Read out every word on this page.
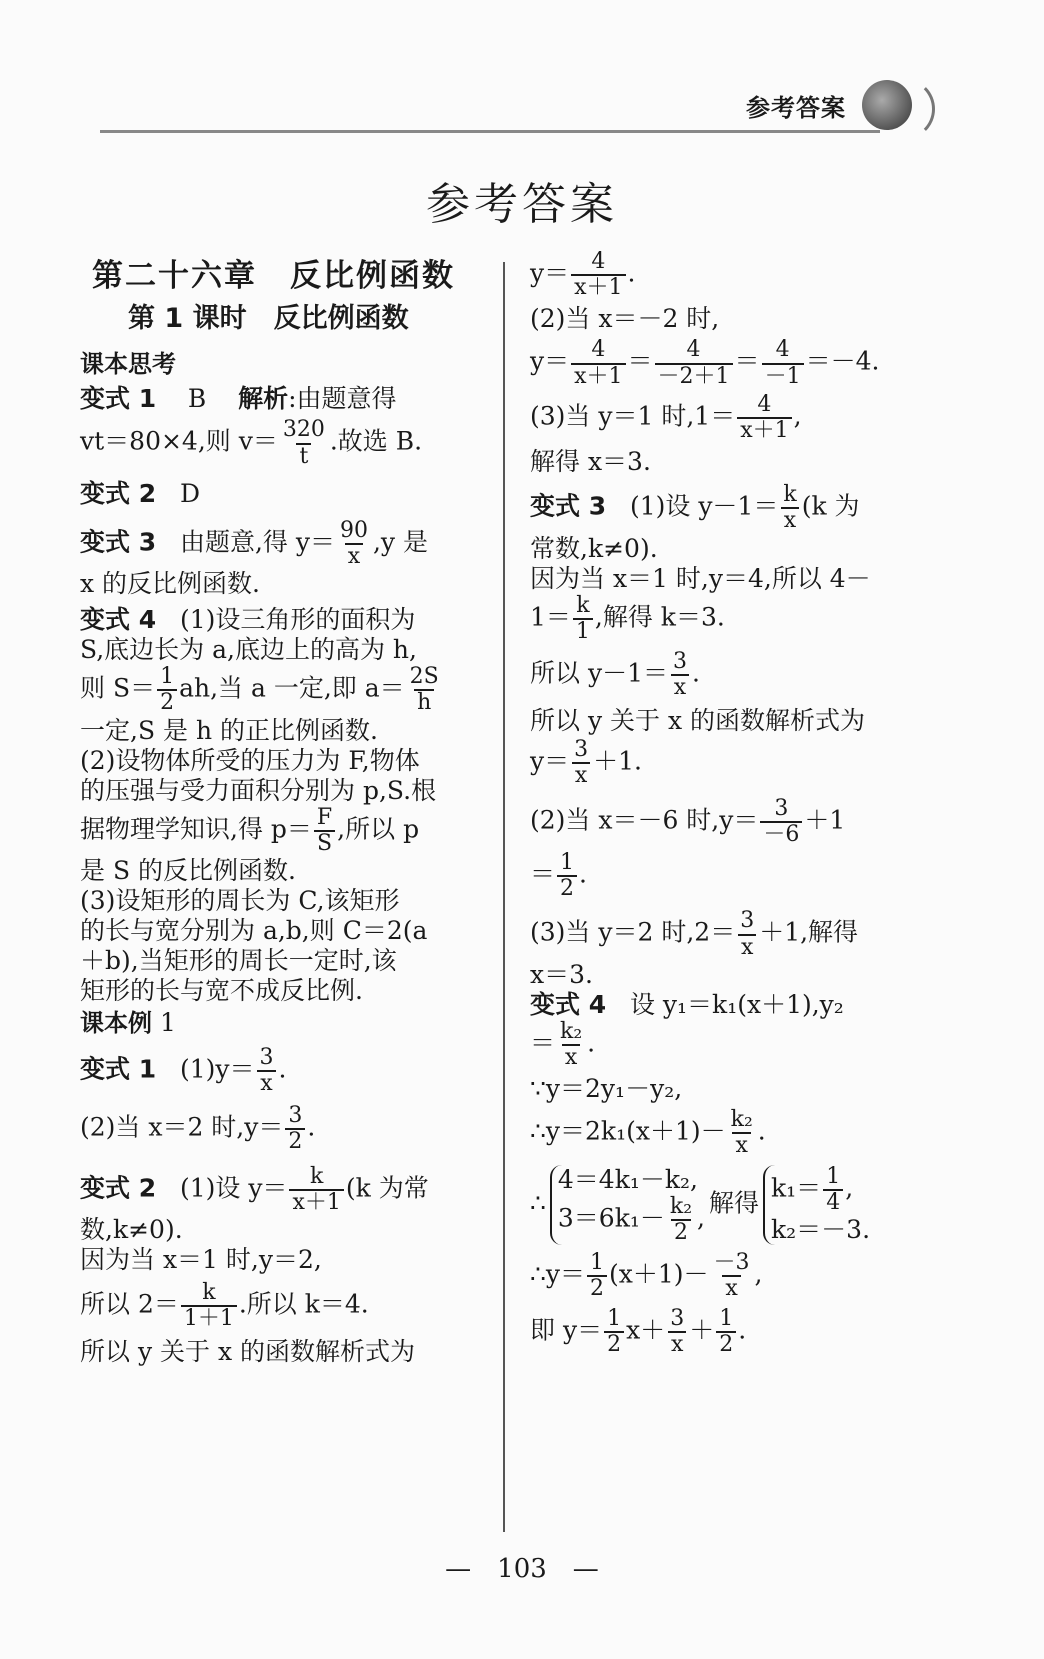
参考答案
参考答案
第二十六章　反比例函数
第 1 课时　反比例函数
课本思考
变式 1 B 解析:由题意得
vt＝80×4,则 $v= \frac{320}{t}$ .故选 B.
变式 2 D
变式 3 由题意,得 $y= \frac{90}{x} ,y$ 是
x 的反比例函数.
变式 4 (1)设三角形的面积为
S,底边长为 a,底边上的高为 h,
则 $S= \frac{1}{2}$ ah,当 a 一定,即 $a= \frac{2S}{h}$
一定,S 是 h 的正比例函数.
(2)设物体所受的压力为 F,物体
的压强与受力面积分别为 p,S.根
据物理学知识,得 $p= \frac{F}{S}$ ,所以 p
是 S 的反比例函数.
(3)设矩形的周长为 C,该矩形
的长与宽分别为 a,b,则 C＝2(a
＋b),当矩形的周长一定时,该
矩形的长与宽不成反比例.
课本例 1
变式 1 $(1)y= \frac{3}{x}$ .
(2)当 x＝2 时$,y= \frac{3}{2}$ .
变式 2 (1)设 $y= \frac{k}{x+1} (k$ 为常
数,k≠0).
因为当 x＝1 时,y＝2,
所以 $2= \frac{k}{1+1}$ .所以 k＝4.
所以 y 关于 x 的函数解析式为
$y= \frac{4}{x+1}$ .
(2)当 x＝－2 时,
$y= \frac{4}{x+1} = \frac{4}{-2+1} = \frac{4}{-1} =-4$.
(3)当 y＝1 时$,1= \frac{4}{x+1}$ ,
解得 x＝3.
变式 3 (1)设 $y-1= \frac{k}{x} (k$ 为
常数,k≠0).
因为当 x＝1 时,y＝4,所以 4－
$1= \frac{k}{1}$ ,解得 k＝3.
所以 $y-1= \frac{3}{x}$ .
所以 y 关于 x 的函数解析式为
$y= \frac{3}{x} +1$.
(2)当 x＝－6 时$,y= \frac{3}{-6} +1$
＝ $\frac{1}{2}$ .
(3)当 y＝2 时$,2= \frac{3}{x} +1$,解得
x＝3.
变式 4 设 y₁＝k₁(x＋1),y₂
＝ $\frac{\text{k₂}}{x}$ .
∵y＝2y₁－y₂,
∴y＝2k₁(x＋1)－ $\frac{\text{k₂}}{x}$ .
∴
4＝4k₁－k₂,
$3=6k_1- \frac{\text{k₂}}{2}$ ,
解得
$k_1= \frac{1}{4}$ ,
k₂＝－3.
∴y＝ $\frac{1}{2} (x+1)- \frac{-3}{x}$ ,
即 $y= \frac{1}{2} x+ \frac{3}{x} + \frac{1}{2}$ .
—　103　—
